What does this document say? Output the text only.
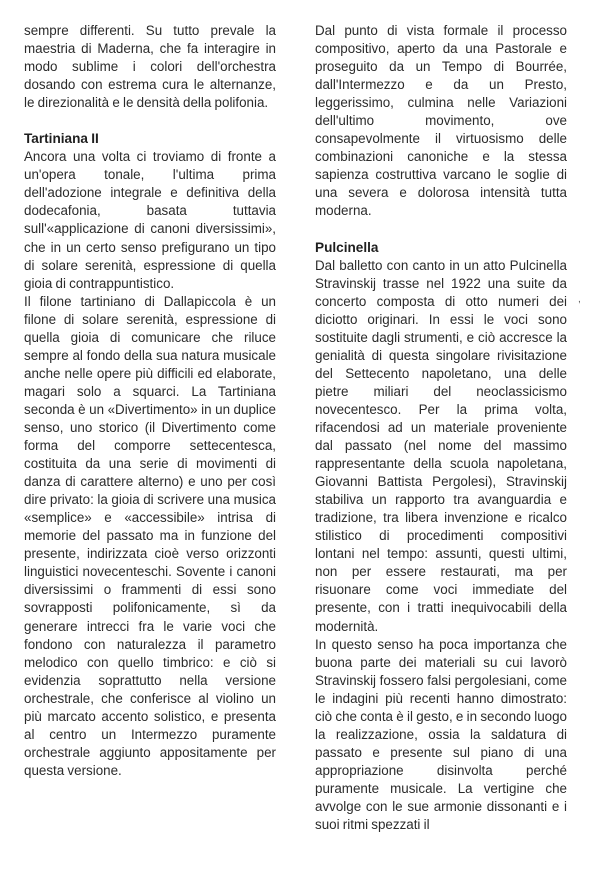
sempre differenti. Su tutto prevale la maestria di Maderna, che fa interagire in modo sublime i colori dell'orchestra dosando con estrema cura le alternanze, le direzionalità e le densità della polifonia.

Tartiniana II

Ancora una volta ci troviamo di fronte a un'opera tonale, l'ultima prima dell'adozione integrale e definitiva della dodecafonia, basata tuttavia sull'«applicazione di canoni diversissimi», che in un certo senso prefigurano un tipo di solare serenità, espressione di quella gioia di contrappuntistico.

Il filone tartiniano di Dallapiccola è un filone di solare serenità, espressione di quella gioia di comunicare che riluce sempre al fondo della sua natura musicale anche nelle opere più difficili ed elaborate, magari solo a squarci. La Tartiniana seconda è un «Divertimento» in un duplice senso, uno storico (il Divertimento come forma del comporre settecentesca, costituita da una serie di movimenti di danza di carattere alterno) e uno per così dire privato: la gioia di scrivere una musica «semplice» e «accessibile» intrisa di memorie del passato ma in funzione del presente, indirizzata cioè verso orizzonti linguistici novecenteschi. Sovente i canoni diversissimi o frammenti di essi sono sovrapposti polifonicamente, sì da generare intrecci fra le varie voci che fondono con naturalezza il parametro melodico con quello timbrico: e ciò si evidenzia soprattutto nella versione orchestrale, che conferisce al violino un più marcato accento solistico, e presenta al centro un Intermezzo puramente orchestrale aggiunto appositamente per questa versione.

Dal punto di vista formale il processo compositivo, aperto da una Pastorale e proseguito da un Tempo di Bourrée, dall'Intermezzo e da un Presto, leggerissimo, culmina nelle Variazioni dell'ultimo movimento, ove consapevolmente il virtuosismo delle combinazioni canoniche e la stessa sapienza costruttiva varcano le soglie di una severa e dolorosa intensità tutta moderna.

Pulcinella

Dal balletto con canto in un atto Pulcinella Stravinskij trasse nel 1922 una suite da concerto composta di otto numeri dei diciotto originari. In essi le voci sono sostituite dagli strumenti, e ciò accresce la genialità di questa singolare rivisitazione del Settecento napoletano, una delle pietre miliari del neoclassicismo novecentesco. Per la prima volta, rifacendosi ad un materiale proveniente dal passato (nel nome del massimo rappresentante della scuola napoletana, Giovanni Battista Pergolesi), Stravinskij stabiliva un rapporto tra avanguardia e tradizione, tra libera invenzione e ricalco stilistico di procedimenti compositivi lontani nel tempo: assunti, questi ultimi, non per essere restaurati, ma per risuonare come voci immediate del presente, con i tratti inequivocabili della modernità.

In questo senso ha poca importanza che buona parte dei materiali su cui lavorò Stravinskij fossero falsi pergolesiani, come le indagini più recenti hanno dimostrato: ciò che conta è il gesto, e in secondo luogo la realizzazione, ossia la saldatura di passato e presente sul piano di una appropriazione disinvolta perché puramente musicale. La vertigine che avvolge con le sue armonie dissonanti e i suoi ritmi spezzati il

,
